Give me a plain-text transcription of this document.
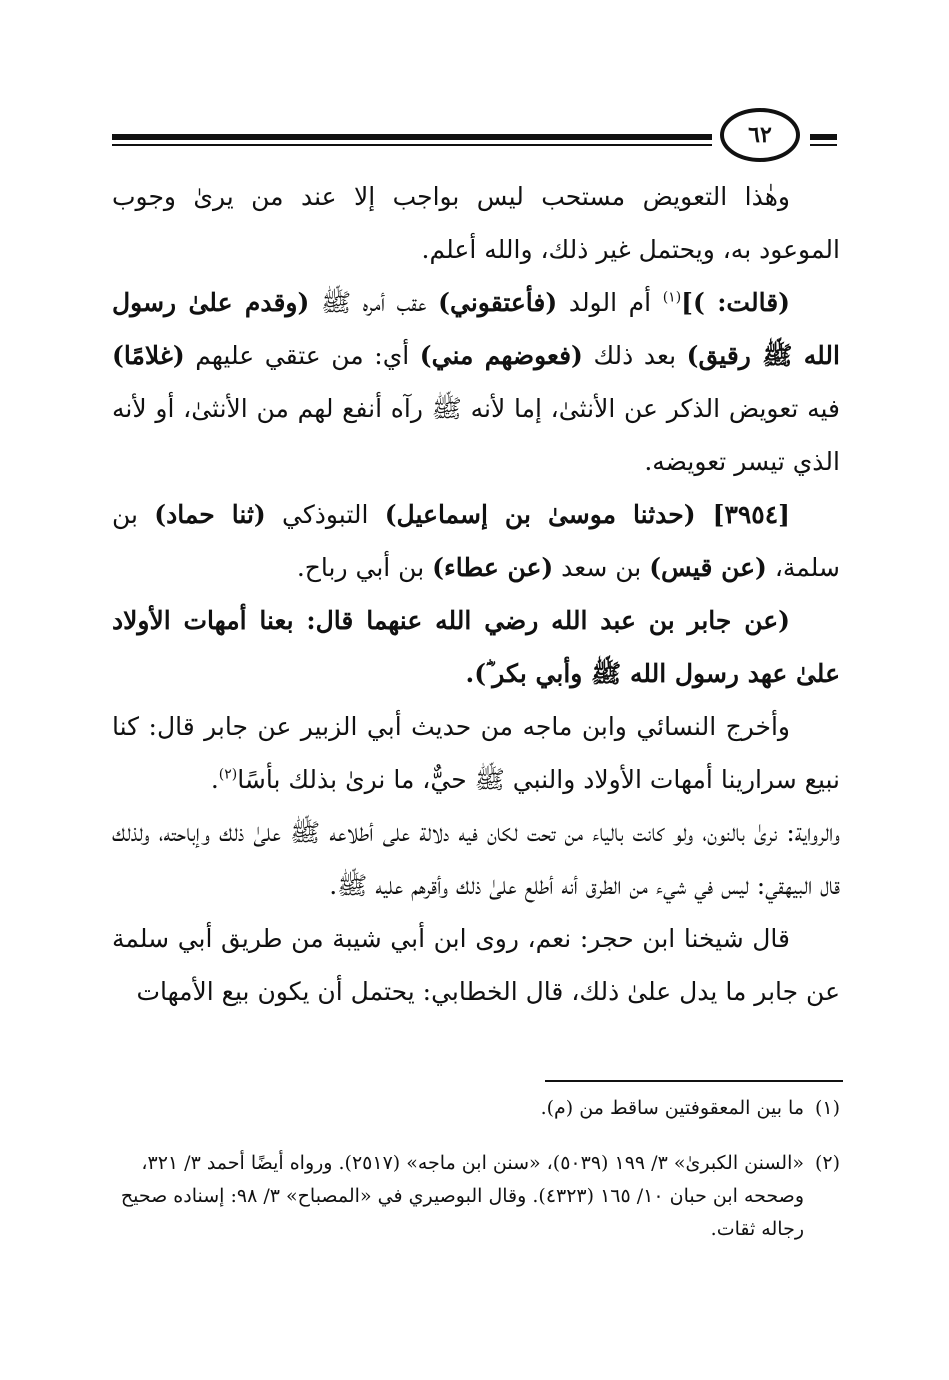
٦٢

وهٰذا التعويض مستحب ليس بواجب إلا عند من يرىٰ وجوب الموعود به، ويحتمل غير ذلك، والله أعلم.

(قالت: )]$^{(١)}$ أم الولد (فأعتقوني) عقب أمره ﷺ (وقدم علىٰ رسول الله ﷺ رقيق) بعد ذلك (فعوضهم مني) أي: من عتقي عليهم (غلامًا) فيه تعويض الذكر عن الأنثىٰ، إما لأنه ﷺ رآه أنفع لهم من الأنثىٰ، أو لأنه الذي تيسر تعويضه.

[٣٩٥٤] (حدثنا موسىٰ بن إسماعيل) التبوذكي (ثنا حماد) بن سلمة، (عن قيس) بن سعد (عن عطاء) بن أبي رباح.

(عن جابر بن عبد الله رضي الله عنهما قال: بعنا أمهات الأولاد علىٰ عهد رسول الله ﷺ وأبي بكر ؓ).

وأخرج النسائي وابن ماجه من حديث أبي الزبير عن جابر قال: كنا نبيع سرارينا أمهات الأولاد والنبي ﷺ حيٌّ، ما نرىٰ بذلك بأسًا$^{(٢)}$.

والرواية: نرىٰ بالنون، ولو كانت بالياء من تحت لكان فيه دلالة على أطلاعه ﷺ علىٰ ذلك وإباحته، ولذلك قال البيهقي: ليس في شيء من الطرق أنه أطلع علىٰ ذلك وأقرهم عليه ﷺ.

قال شيخنا ابن حجر: نعم، روى ابن أبي شيبة من طريق أبي سلمة عن جابر ما يدل علىٰ ذلك، قال الخطابي: يحتمل أن يكون بيع الأمهات

(١)
ما بين المعقوفتين ساقط من (م).

(٢)
«السنن الكبرىٰ» ٣/ ١٩٩ (٥٠٣٩)، «سنن ابن ماجه» (٢٥١٧). ورواه أيضًا أحمد ٣/ ٣٢١، وصححه ابن حبان ١٠/ ١٦٥ (٤٣٢٣). وقال البوصيري في «المصباح» ٣/ ٩٨: إسناده صحيح رجاله ثقات.
